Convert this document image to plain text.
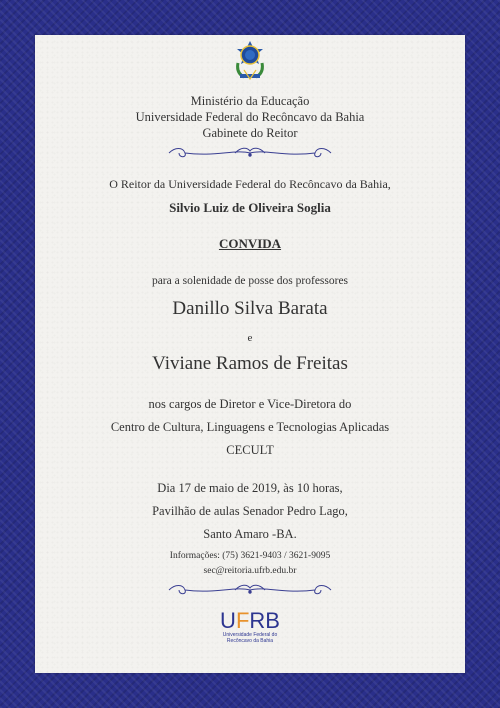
Ministério da Educação
Universidade Federal do Recôncavo da Bahia
Gabinete do Reitor
O Reitor da Universidade Federal do Recôncavo da Bahia,
Silvio Luiz de Oliveira Soglia
CONVIDA
para a solenidade de posse dos professores
Danillo Silva Barata
e
Viviane Ramos de Freitas
nos cargos de Diretor e Vice-Diretora do
Centro de Cultura, Linguagens e Tecnologias Aplicadas
CECULT
Dia 17 de maio de 2019, às 10 horas,
Pavilhão de aulas Senador Pedro Lago,
Santo Amaro -BA.
Informações: (75) 3621-9403 / 3621-9095
sec@reitoria.ufrb.edu.br
UFRB
Universidade Federal do
Recôncavo da Bahia
